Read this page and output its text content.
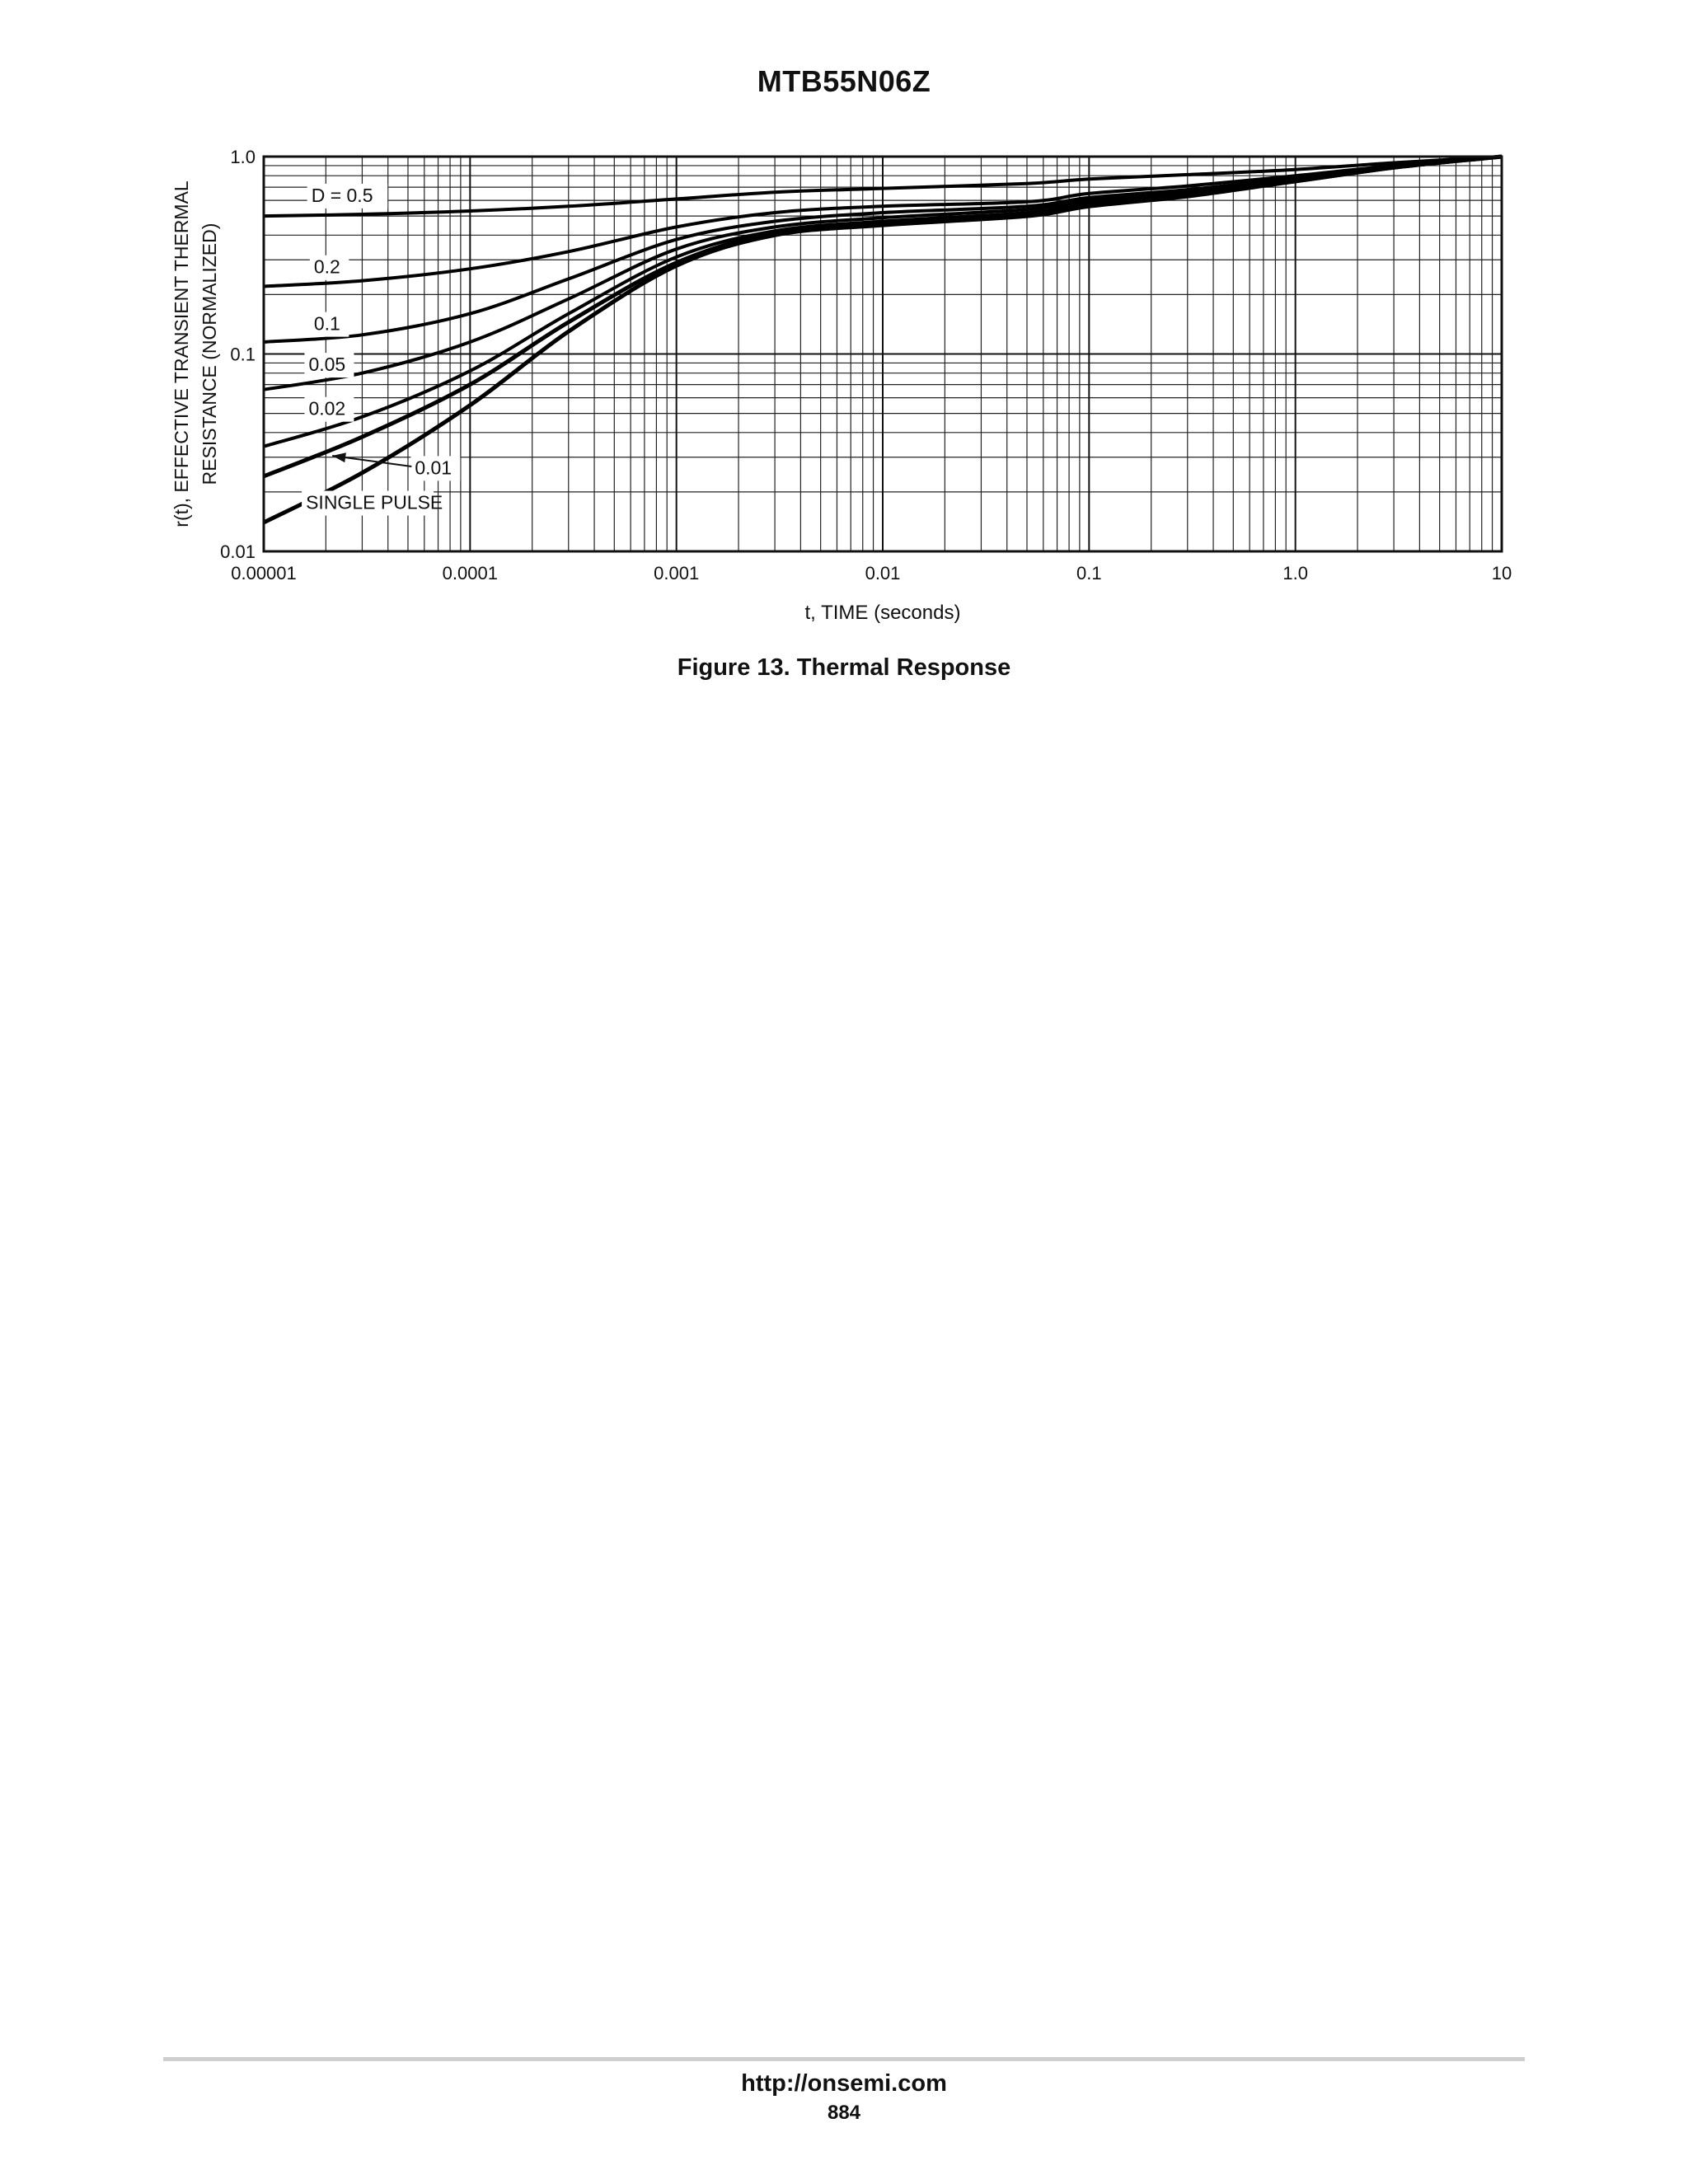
MTB55N06Z
D = 0.5
0.2
0.1
0.05
0.02
0.01
SINGLE PULSE
0.00001	0.0001	0.001	0.01	0.1	1.0	10
1.0
0.1
0.01
t, TIME (seconds)
r(t), EFFECTIVE TRANSIENT THERMAL RESISTANCE (NORMALIZED)
Figure 13. Thermal Response
http://onsemi.com
884
